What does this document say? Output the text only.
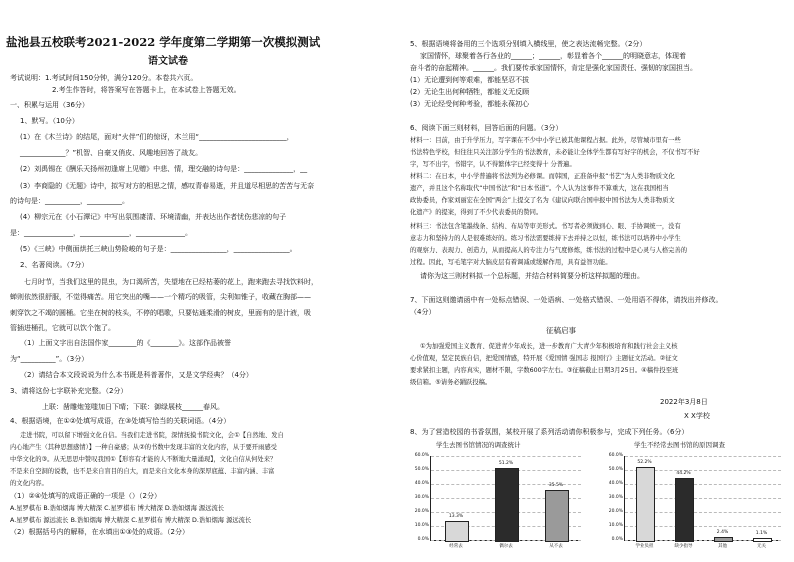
盐池县五校联考2021-2022 学年度第二学期第一次模拟测试
语文试卷
考试说明：1.考试时间150分钟，满分120分。本卷共六页。
2.考生作答时，将答案写在答题卡上，在本试卷上答题无效。
一、积累与运用（36分）
1、默写。（10分）
(1）在《木兰诗》的结尾，面对“火伴”们的惊讶，木兰用“_________________________，
_____________？”机智、自豪又俏皮、风趣地回答了战友。
(2）刘禹锡在《酬乐天扬州初逢席上见赠》中悲、情，理交融的诗句是：______________，__
(3）李商隐的《无题》诗中，拟写对方的相思之情，感叹青春易逝，并且道尽相思的苦苦与无奈
的诗句是：__________，__________。
(4）柳宗元在《小石潭记》中写出氛围凄清、环境清幽，并表达出作者忧伤悲凉的句子
是：______________，______________，______________。
(5）《三峡》中侧面烘托三峡山势险峻的句子是：________________，________________。
2、名著阅读。（7分）
七月时节，当我们这里的昆虫，为口渴所苦，失望地在已经枯萎的花上，跑来跑去寻找饮料时，
蝉则依然很舒服，不觉得痛苦。用它突出的嘴——一个精巧的吸管，尖利如锥子，收藏在胸部——
刺穿饮之不竭的圆桶。它坐在树的枝头，不停的唱歌，只要钻通柔滑的树皮，里面有的是汁液，吸
管插进桶孔，它就可以饮个饱了。
（1）上面文字出自法国作家________的《________》。这部作品被誉
为“__________”。（3分）
（2）请结合本文段说说为什么本书既是科普著作，又是文学经典？（4分）
3、请将这份七字联补充完整。（2分）
上联：凿雕炮笼嗤加日下晴；下联：御绿展枝______春风。
4、根据语境，在①②处填写成语，在③处填写恰当的关联词语。（4分）
走进书院，可以留下增强文化自信。当我们走进书院，深情抚摸书院文化，会①【自然地、发自
内心地产生（其种思想感情）】一种自豪感；从②的书数中发现丰富的文化内容，从于要开雨感受
中华文化的③。从无思思中赞叹我国①【形容有才能的人不断地大量涌现】，文化自信从何处来？
不是来自空洞的说教，也不是来自盲目的自大，而是来自文化本身的深厚底蕴、丰富内涵、丰富
的文化内容。
（1）②④处填写的成语正确的一项是（）（2分）
A.星罗棋布 B.诰如烟海 博大精深 C.星罗棋布 博大精深 D.诰如烟海 源远流长
A.星罗棋布 源远流长 B.诰如烟海 博大精深 C.星罗棋布 博大精深 D.诰如烟海 源远流长
（2）根据括号内的解释，在水填出①③处的成语。（2分）
5、根据语境将备用的三个选项分别填入横线里，使之表达流畅完整。（2分）
家国情怀，球聚着各行各业的______；______，彰显着各个______的明晓意志，体现着
奋斗者的奋起精神。______。我们要传承家国情怀，肯定是强化家国责任、强韧的家国担当。
(1）无论遭到何等艰难，都能坚忍不拔
(2）无论生出何种牺牲，都能义无反顾
(3）无论经受何种考验，都能永葆初心
6、阅读下面三则材料，回答后面的问题。（3分）
材料一：目前，由于升学压力，写字课在不少中小学已被其他课程占据。此外，尽管城市里有一些
书法特色学校，但往往只关注部分学生的书法教育，未必能让全体学生都有写好字的机会，不仅书写不好
字，写不出字，书错字，认不得繁体字已经变得十 分普遍。
材料二：在日本，中小学普遍将书法列为必修课。而韩国，正准备申报“书艺”为人类非物质文化
遗产，并且这个名称取代“中国书法”和“日本书道”。个人认为这事件不算重大，这在我国相当
政协委员，作家刘丽宏在全国“两会”上提交了名为《建议向联合国申报中国书法为人类非物质文
化遗产》的提案，得到了不少代表委员的赞同。
材料三：书法包含笔墨线条、结构、布局等审美形式。书写者必须做到心、眼、手协调统一，没有
意志力和坚持力的人是很难练好的。练习书法需要练持下去并持之以恒，练书法可以培养中小学生
的观察力、表现力、创造力，从而提高人的专注力与气度修炼，练书法的过程中是心灵与人格完善的
过程。因此，写毛笔字对大脑皮层有着调减或缓解作用，具有益智功能。
请你为这三则材料拟一个总标题，并结合材料简要分析这样拟题的理由。
7、下面这则邀请函中有一处标点错误、一处语病、一处格式错误、一处用语不得体，请找出并修改。
（4分）
征稿启事
①为加强爱国主义教育、促进青少年成长，进一步教育广大青少年积极培育和践行社会主义核
心价值观，坚定民族自信，把爱国情感，特开展《爱国情 强国志 报国行》主题征文活动。②征文
要求紧扣主题，内容真实，题材不限，字数600字左右。③征稿截止日期3月25日。④稿件投至班
级信箱。⑤请务必踊跃投稿。
2022年3月8日
X X学校
8、为了营造校园的书香氛围，某校开展了系列活动请你积极参与，完成下列任务。（6分）
学生去图书馆情况的调查统计
60.0%
50.0%
40.0%
30.0%
20.0%
10.0%
0.0%
13.3%
经常去
51.2%
偶尔去
35.5%
从不去
学生不经常去图书馆的原因调查
60.0%
50.0%
40.0%
30.0%
20.0%
10.0%
0.0%
52.2%
学业负担
44.2%
缺少指导
2.4%
其他
1.1%
无关
